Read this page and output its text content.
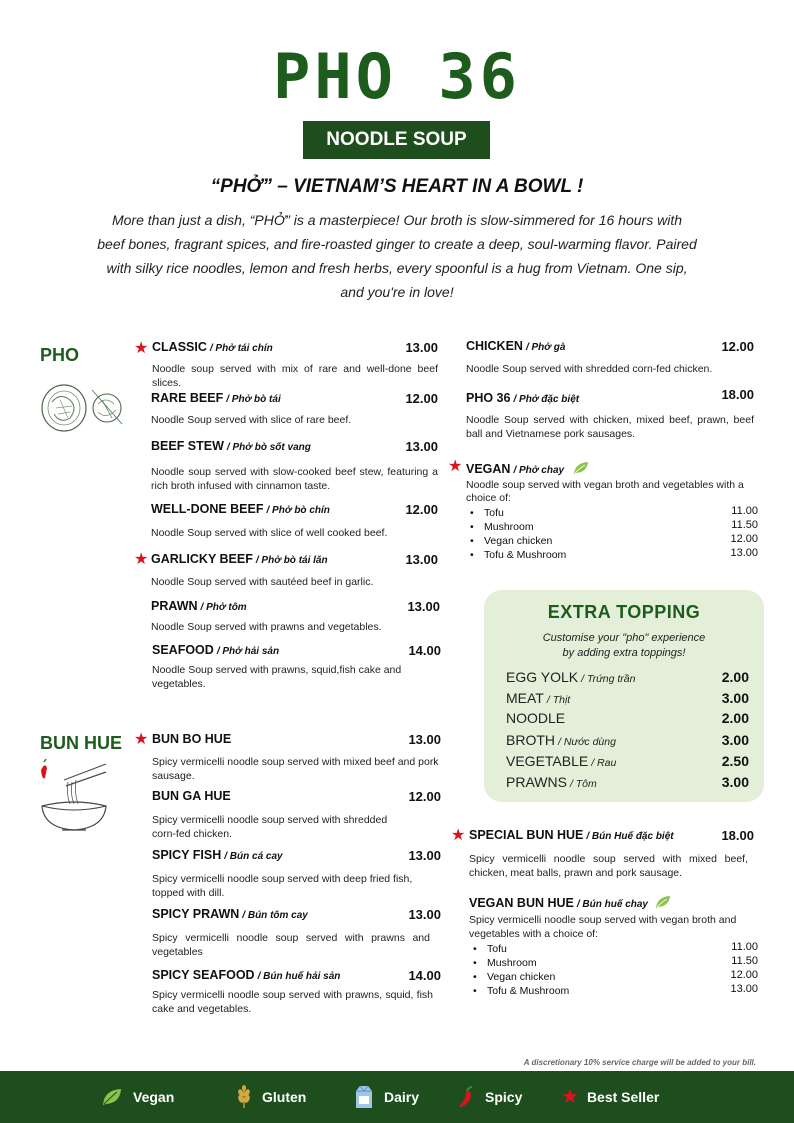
PHO 36
NOODLE SOUP
“PHỞ” – VIETNAM’S HEART IN A BOWL !
More than just a dish, “PHỞ” is a masterpiece! Our broth is slow-simmered for 16 hours with beef bones, fragrant spices, and fire-roasted ginger to create a deep, soul-warming flavor. Paired with silky rice noodles, lemon and fresh herbs, every spoonful is a hug from Vietnam. One sip, and you're in love!
PHO
BUN HUE
★ CLASSIC / Phở tái chín	13.00
Noodle soup served with mix of rare and well-done beef slices.
RARE BEEF / Phở bò tái	12.00
Noodle Soup served with slice of rare beef.
BEEF STEW / Phở bò sốt vang	13.00
Noodle soup served with slow-cooked beef stew, featuring a rich broth infused with cinnamon taste.
WELL-DONE BEEF / Phở bò chín	12.00
Noodle Soup served with slice of well cooked beef.
★ GARLICKY BEEF / Phở bò tái lăn	13.00
Noodle Soup served with sautéed beef in garlic.
PRAWN / Phở tôm	13.00
Noodle Soup served with prawns and vegetables.
SEAFOOD / Phở hải sản	14.00
Noodle Soup served with prawns, squid,fish cake and vegetables.
CHICKEN / Phở gà	12.00
Noodle Soup served with shredded corn-fed chicken.
PHO 36 $_{/ Phở đặc biệt}$	18.00
Noodle Soup served with chicken, mixed beef, prawn, beef ball and Vietnamese pork sausages.
★ VEGAN / Phở chay
Noodle soup served with vegan broth and vegetables with a choice of:
• Tofu	11.00
• Mushroom	11.50
• Vegan chicken	12.00
• Tofu & Mushroom	13.00
EXTRA TOPPING
Customise your "pho" experience
by adding extra toppings!
EGG YOLK / Trứng trần	2.00
MEAT / Thịt	3.00
NOODLE	2.00
BROTH / Nước dùng	3.00
VEGETABLE / Rau	2.50
PRAWNS / Tôm	3.00
★ BUN BO HUE	13.00
Spicy vermicelli noodle soup served with mixed beef and pork sausage.
BUN GA HUE	12.00
Spicy vermicelli noodle soup served with shredded corn-fed chicken.
SPICY FISH / Bún cá cay	13.00
Spicy vermicelli noodle soup served with deep fried fish, topped with dill.
SPICY PRAWN / Bún tôm cay	13.00
Spicy vermicelli noodle soup served with prawns and vegetables
SPICY SEAFOOD / Bún huế hải sản	14.00
Spicy vermicelli noodle soup served with prawns, squid, fish cake and vegetables.
★ SPECIAL BUN HUE / Bún Huế đặc biệt	18.00
Spicy vermicelli noodle soup served with mixed beef, chicken, meat balls, prawn and pork sausage.
VEGAN BUN HUE / Bún huế chay
Spicy vermicelli noodle soup served with vegan broth and vegetables with a choice of:
• Tofu	11.00
• Mushroom	11.50
• Vegan chicken	12.00
• Tofu & Mushroom	13.00
A discretionary 10% service charge will be added to your bill.
Vegan	Gluten	Dairy	Spicy ★ Best Seller
